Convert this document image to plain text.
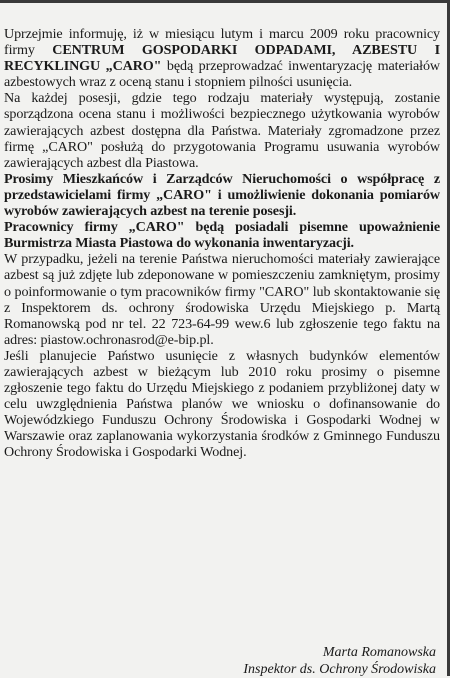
Uprzejmie informuję, iż w miesiącu lutym i marcu 2009 roku pracownicy firmy CENTRUM GOSPODARKI ODPADAMI, AZBESTU I RECYKLINGU „CARO" będą przeprowadzać inwentaryzację materiałów azbestowych wraz z oceną stanu i stopniem pilności usunięcia.

Na każdej posesji, gdzie tego rodzaju materiały występują, zostanie sporządzona ocena stanu i możliwości bezpiecznego użytkowania wyrobów zawierających azbest dostępna dla Państwa. Materiały zgromadzone przez firmę „CARO" posłużą do przygotowania Programu usuwania wyrobów zawierających azbest dla Piastowa.

Prosimy Mieszkańców i Zarządców Nieruchomości o współpracę z przedstawicielami firmy „CARO" i umożliwienie dokonania pomiarów wyrobów zawierających azbest na terenie posesji.

Pracownicy firmy „CARO" będą posiadali pisemne upoważnienie Burmistrza Miasta Piastowa do wykonania inwentaryzacji.

W przypadku, jeżeli na terenie Państwa nieruchomości materiały zawierające azbest są już zdjęte lub zdeponowane w pomieszczeniu zamkniętym, prosimy o poinformowanie o tym pracowników firmy "CARO" lub skontaktowanie się z Inspektorem ds. ochrony środowiska Urzędu Miejskiego p. Martą Romanowską pod nr tel. 22 723-64-99 wew.6 lub zgłoszenie tego faktu na adres: piastow.ochronasrod@e-bip.pl.

Jeśli planujecie Państwo usunięcie z własnych budynków elementów zawierających azbest w bieżącym lub 2010 roku prosimy o pisemne zgłoszenie tego faktu do Urzędu Miejskiego z podaniem przybliżonej daty w celu uwzględnienia Państwa planów we wniosku o dofinansowanie do Wojewódzkiego Funduszu Ochrony Środowiska i Gospodarki Wodnej w Warszawie oraz zaplanowania wykorzystania środków z Gminnego Funduszu Ochrony Środowiska i Gospodarki Wodnej.

Marta Romanowska
Inspektor ds. Ochrony Środowiska
